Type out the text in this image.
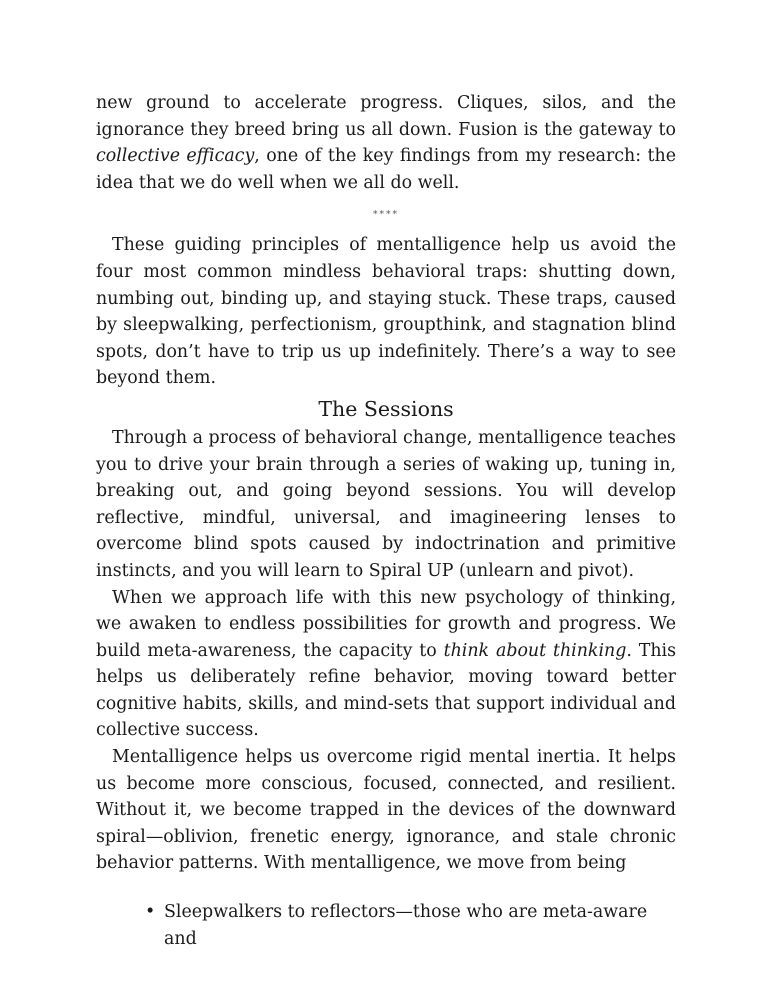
new ground to accelerate progress. Cliques, silos, and the ignorance they breed bring us all down. Fusion is the gateway to collective efficacy, one of the key findings from my research: the idea that we do well when we all do well.

****

These guiding principles of mentalligence help us avoid the four most common mindless behavioral traps: shutting down, numbing out, binding up, and staying stuck. These traps, caused by sleepwalking, perfectionism, groupthink, and stagnation blind spots, don’t have to trip us up indefinitely. There’s a way to see beyond them.

The Sessions

Through a process of behavioral change, mentalligence teaches you to drive your brain through a series of waking up, tuning in, breaking out, and going beyond sessions. You will develop reflective, mindful, universal, and imagineering lenses to overcome blind spots caused by indoctrination and primitive instincts, and you will learn to Spiral UP (unlearn and pivot).

When we approach life with this new psychology of thinking, we awaken to endless possibilities for growth and progress. We build meta-awareness, the capacity to think about thinking. This helps us deliberately refine behavior, moving toward better cognitive habits, skills, and mind-sets that support individual and collective success.

Mentalligence helps us overcome rigid mental inertia. It helps us become more conscious, focused, connected, and resilient. Without it, we become trapped in the devices of the downward spiral—oblivion, frenetic energy, ignorance, and stale chronic behavior patterns. With mentalligence, we move from being

• Sleepwalkers to reflectors—those who are meta-aware and
